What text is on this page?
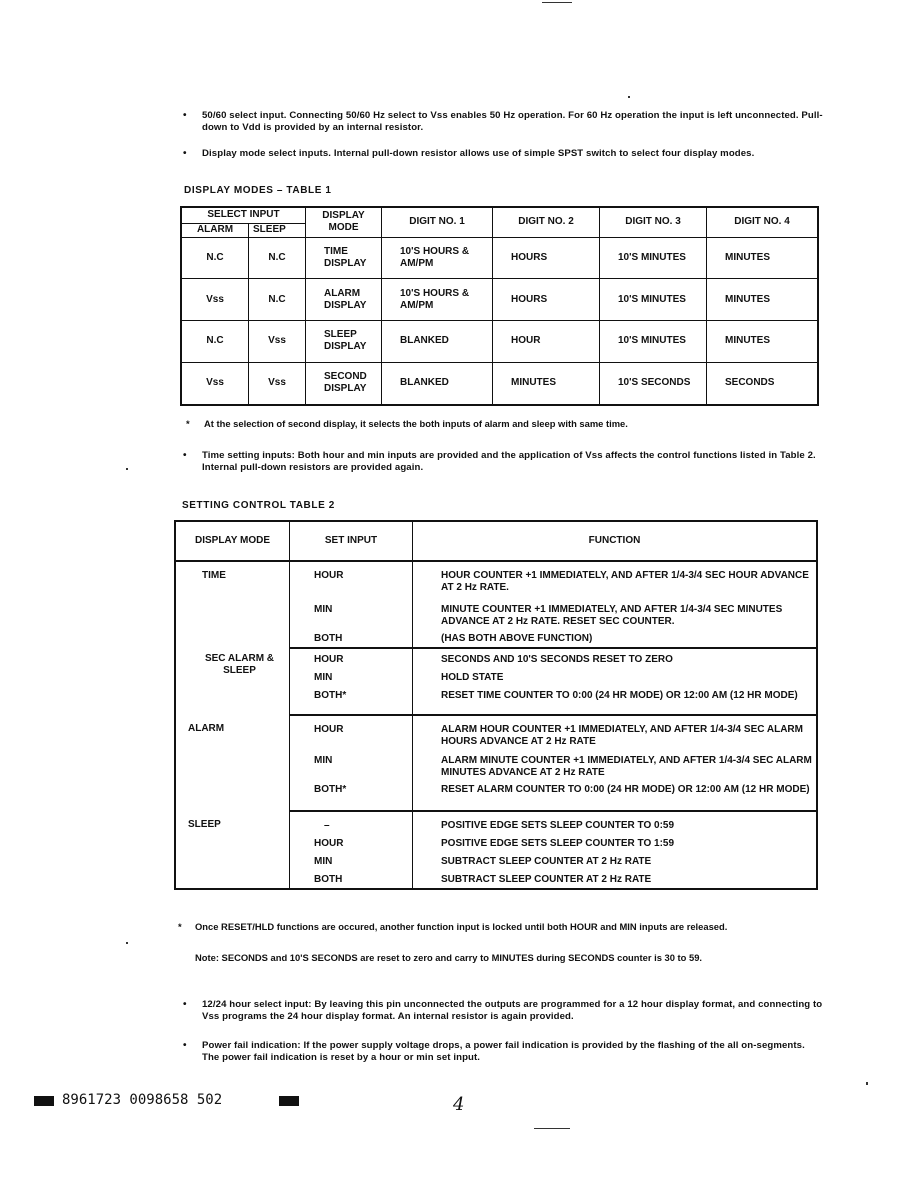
• 50/60 select input. Connecting 50/60 Hz select to Vss enables 50 Hz operation. For 60 Hz operation the input is left unconnected. Pull-down to Vdd is provided by an internal resistor.
• Display mode select inputs. Internal pull-down resistor allows use of simple SPST switch to select four display modes.
DISPLAY MODES – TABLE 1
SELECT INPUT		DISPLAY MODE	DIGIT NO. 1	DIGIT NO. 2	DIGIT NO. 3	DIGIT NO. 4
ALARM	SLEEP					
N.C	N.C	TIME DISPLAY	10'S HOURS & AM/PM	HOURS	10'S MINUTES	MINUTES
Vss	N.C	ALARM DISPLAY	10'S HOURS & AM/PM	HOURS	10'S MINUTES	MINUTES
N.C	Vss	SLEEP DISPLAY	BLANKED	HOUR	10'S MINUTES	MINUTES
Vss	Vss	SECOND DISPLAY	BLANKED	MINUTES	10'S SECONDS	SECONDS
* At the selection of second display, it selects the both inputs of alarm and sleep with same time.
• Time setting inputs: Both hour and min inputs are provided and the application of Vss affects the control functions listed in Table 2. Internal pull-down resistors are provided again.
SETTING CONTROL TABLE 2
DISPLAY MODE	SET INPUT	FUNCTION
TIME	HOUR	HOUR COUNTER +1 IMMEDIATELY, AND AFTER 1/4-3/4 SEC HOUR ADVANCE AT 2 Hz RATE.
	MIN	MINUTE COUNTER +1 IMMEDIATELY, AND AFTER 1/4-3/4 SEC MINUTES ADVANCE AT 2 Hz RATE. RESET SEC COUNTER.
	BOTH	(HAS BOTH ABOVE FUNCTION)
SEC ALARM & SLEEP	HOUR	SECONDS AND 10'S SECONDS RESET TO ZERO
	MIN	HOLD STATE
	BOTH*	RESET TIME COUNTER TO 0:00 (24 HR MODE) OR 12:00 AM (12 HR MODE)
ALARM	HOUR	ALARM HOUR COUNTER +1 IMMEDIATELY, AND AFTER 1/4-3/4 SEC ALARM HOURS ADVANCE AT 2 Hz RATE
	MIN	ALARM MINUTE COUNTER +1 IMMEDIATELY, AND AFTER 1/4-3/4 SEC ALARM MINUTES ADVANCE AT 2 Hz RATE
	BOTH*	RESET ALARM COUNTER TO 0:00 (24 HR MODE) OR 12:00 AM (12 HR MODE)
SLEEP	–	POSITIVE EDGE SETS SLEEP COUNTER TO 0:59
	HOUR	POSITIVE EDGE SETS SLEEP COUNTER TO 1:59
	MIN	SUBTRACT SLEEP COUNTER AT 2 Hz RATE
	BOTH	SUBTRACT SLEEP COUNTER AT 2 Hz RATE
* Once RESET/HLD functions are occured, another function input is locked until both HOUR and MIN inputs are released.
Note: SECONDS and 10'S SECONDS are reset to zero and carry to MINUTES during SECONDS counter is 30 to 59.
• 12/24 hour select input: By leaving this pin unconnected the outputs are programmed for a 12 hour display format, and connecting to Vss programs the 24 hour display format. An internal resistor is again provided.
• Power fail indication: If the power supply voltage drops, a power fail indication is provided by the flashing of the all on-segments. The power fail indication is reset by a hour or min set input.
8961723 0098658 502	4
